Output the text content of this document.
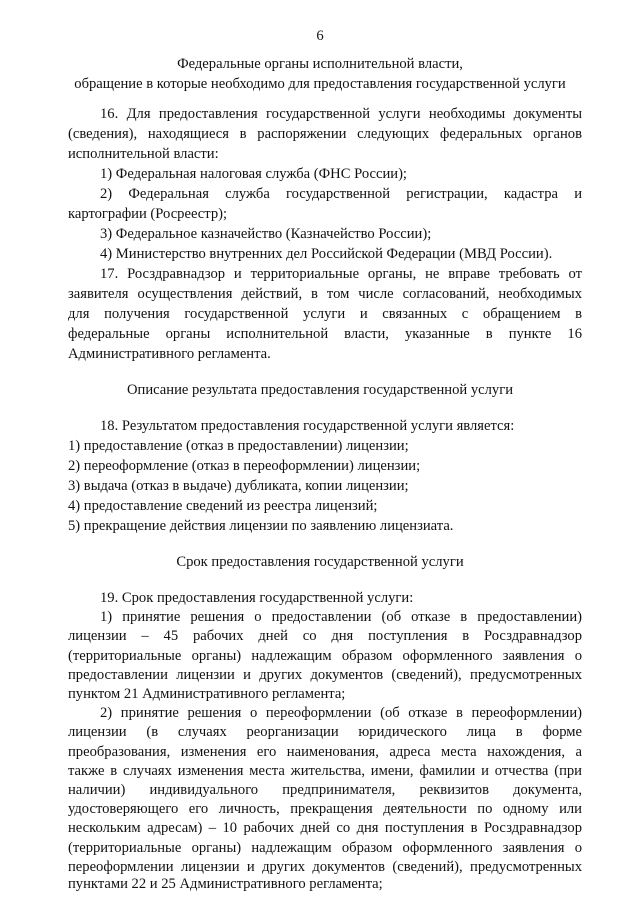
6
Федеральные органы исполнительной власти,
обращение в которые необходимо для предоставления государственной услуги
16. Для предоставления государственной услуги необходимы документы
(сведения), находящиеся в распоряжении следующих федеральных органов
исполнительной власти:
1) Федеральная налоговая служба (ФНС России);
2) Федеральная служба государственной регистрации, кадастра и
картографии (Росреестр);
3) Федеральное казначейство (Казначейство России);
4) Министерство внутренних дел Российской Федерации (МВД России).
17. Росздравнадзор и территориальные органы, не вправе требовать от
заявителя осуществления действий, в том числе согласований, необходимых
для получения государственной услуги и связанных с обращением в
федеральные органы исполнительной власти, указанные в пункте 16
Административного регламента.
Описание результата предоставления государственной услуги
18. Результатом предоставления государственной услуги является:
1) предоставление (отказ в предоставлении) лицензии;
2) переоформление (отказ в переоформлении) лицензии;
3) выдача (отказ в выдаче) дубликата, копии лицензии;
4) предоставление сведений из реестра лицензий;
5) прекращение действия лицензии по заявлению лицензиата.
Срок предоставления государственной услуги
19. Срок предоставления государственной услуги:
1) принятие решения о предоставлении (об отказе в предоставлении)
лицензии – 45 рабочих дней со дня поступления в Росздравнадзор
(территориальные органы) надлежащим образом оформленного заявления о
предоставлении лицензии и других документов (сведений), предусмотренных
пунктом 21 Административного регламента;
2) принятие решения о переоформлении (об отказе в переоформлении)
лицензии (в случаях реорганизации юридического лица в форме
преобразования, изменения его наименования, адреса места нахождения, а
также в случаях изменения места жительства, имени, фамилии и отчества (при
наличии) индивидуального предпринимателя, реквизитов документа,
удостоверяющего его личность, прекращения деятельности по одному или
нескольким адресам) – 10 рабочих дней со дня поступления в Росздравнадзор
(территориальные органы) надлежащим образом оформленного заявления о
переоформлении лицензии и других документов (сведений), предусмотренных
пунктами 22 и 25 Административного регламента;
